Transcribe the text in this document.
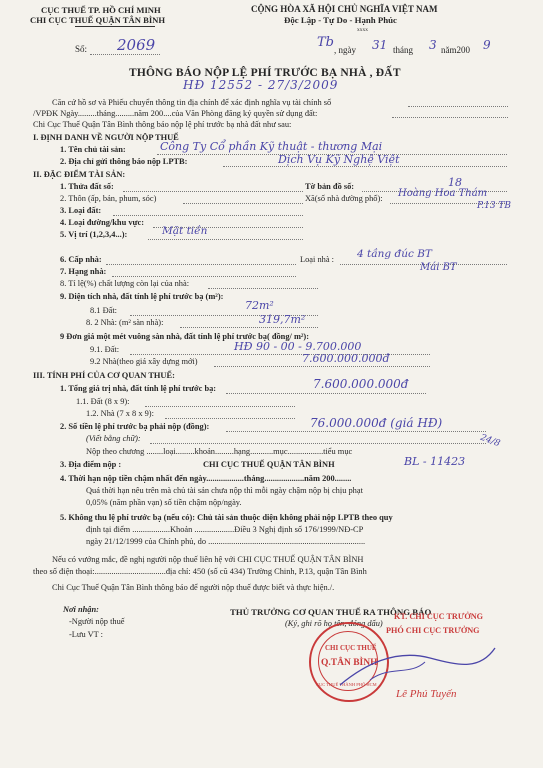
CỤC THUẾ TP. HỒ CHÍ MINH
CHI CỤC THUẾ QUẬN TÂN BÌNH
CỘNG HÒA XÃ HỘI CHỦ NGHĨA VIỆT NAM
Độc Lập - Tự Do - Hạnh Phúc
xxxx
Số: 2069	Tb , ngày 31 tháng 3 năm200 9
THÔNG BÁO NỘP LỆ PHÍ TRƯỚC BẠ NHÀ , ĐẤT
HĐ 12552 - 27/3/2009
Căn cứ hồ sơ và Phiếu chuyển thông tin địa chính để xác định nghĩa vụ tài chính số
/VPĐK Ngày.........tháng.........năm 200....của Văn Phòng đăng ký quyền sử dụng đất:
Chi Cục Thuế Quận Tân Bình thông báo nộp lệ phí trước bạ nhà đất như sau:
I. ĐỊNH DANH VỀ NGƯỜI NỘP THUẾ
1. Tên chủ tài sản:	Công Ty Cổ phần Kỹ thuật - thương Mại
2. Địa chỉ gửi thông báo nộp LPTB:	Dịch Vụ Kỹ Nghệ Việt
II. ĐẶC ĐIỂM TÀI SẢN:
1. Thửa đất số:	Tờ bản đồ số:	18
2. Thôn (ấp, bản, phum, sóc)	Xã(số nhà đường phố): Hoàng Hoa Thám
P.13 TB
3. Loại đất:
4. Loại đường/khu vực:
5. Vị trí (1,2,3,4...):	Mặt tiền
6. Cấp nhà:	Loại nhà : 4 tầng đúc BT
Mái BT
7. Hạng nhà:
8. Tỉ lệ(%) chất lượng còn lại của nhà:
9. Diện tích nhà, đất tính lệ phí trước bạ (m²):
8.1 Đất:	72m²
8. 2 Nhà: (m² sàn nhà):	319,7m²
9 Đơn giá một mét vuông sàn nhà, đất tính lệ phí trước bạ( đồng/ m²):
9.1. Đất:	HĐ 90 - 00 - 9.700.000
9.2 Nhà(theo giá xây dựng mới)	7.600.000.000đ
III. TÍNH PHÍ CỦA CƠ QUAN THUẾ:
1. Tổng giá trị nhà, đất tính lệ phí trước bạ:	7.600.000.000đ
1.1. Đất (8 x 9):
1.2. Nhà (7 x 8 x 9):
2. Số tiền lệ phí trước bạ phải nộp (đồng):	76.000.000đ (giá HĐ)
(Viết bằng chữ):
Nộp theo chương ........loại.........khoản.........hạng...........mục.................tiểu mục
24/8
3. Địa điểm nộp :	CHI CỤC THUẾ QUẬN TÂN BÌNH	BL - 11423
4. Thời hạn nộp tiền chậm nhất đến ngày..................tháng...................năm 200........
Quá thời hạn nêu trên mà chủ tài sản chưa nộp thì mỗi ngày chậm nộp bị chịu phạt
0,05% (năm phần vạn) số tiền chậm nộp/ngày.
5. Không thu lệ phí trước bạ (nếu có): Chủ tài sản thuộc diện không phải nộp LPTB theo quy
định tại điểm ..................Khoản ...................Điều 3 Nghị định số 176/1999/NĐ-CP
ngày 21/12/1999 của Chính phủ, do ...........................................................................
Nếu có vướng mắc, đề nghị người nộp thuế liên hệ với CHI CỤC THUẾ QUẬN TÂN BÌNH
theo số điện thoại:..................................địa chỉ: 450 (số cũ 434) Trường Chinh, P.13, quận Tân Bình
Chi Cục Thuế Quận Tân Bình thông báo để người nộp thuế được biết và thực hiện./.
Nơi nhận:
-Người nộp thuế
-Lưu VT :
THỦ TRƯỞNG CƠ QUAN THUẾ RA THÔNG BÁO
(Ký, ghi rõ họ tên, đóng dấu)
KT. CHI CỤC TRƯỞNG
PHÓ CHI CỤC TRƯỞNG
CHI CỤC THUẾ
Q.TÂN BÌNH
CỤC THUẾ THÀNH PHỐ HCM
Lê Phú Tuyến
